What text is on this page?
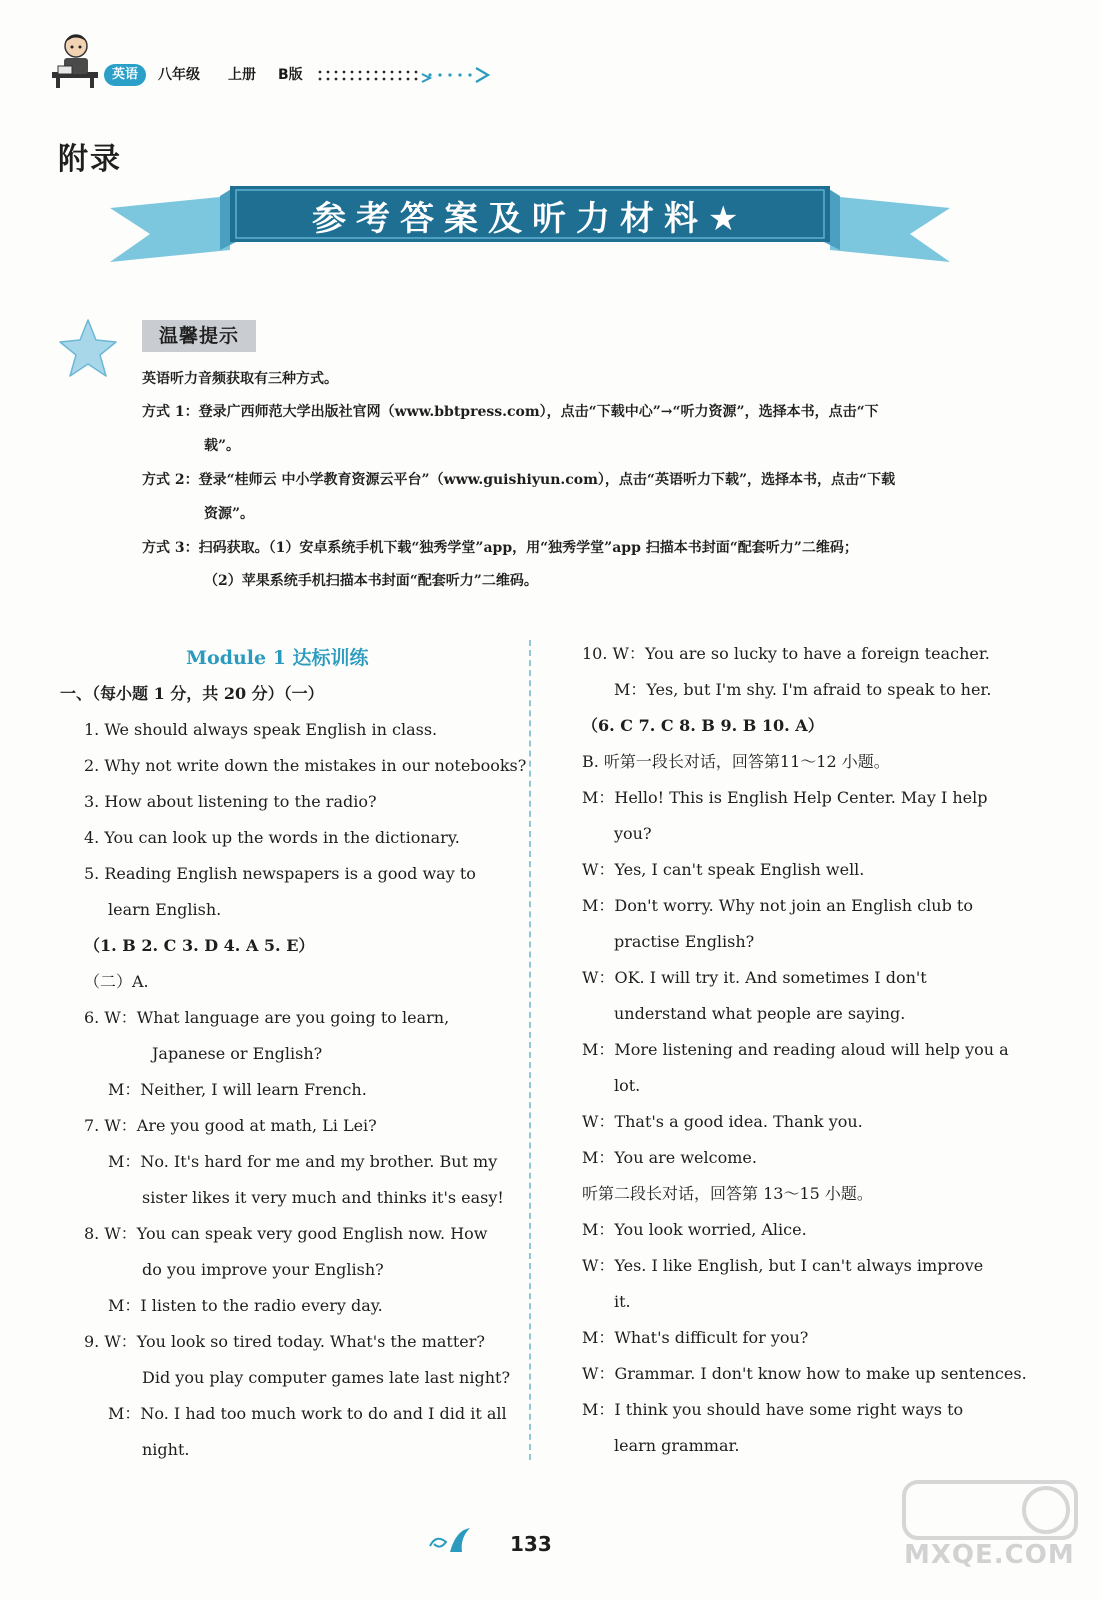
英语	八年级 上册 B版
附录
参考答案及听力材料★
温馨提示
英语听力音频获取有三种方式。
方式 1：登录广西师范大学出版社官网（www.bbtpress.com），点击“下载中心”→“听力资源”，选择本书，点击“下
载”。
方式 2：登录“桂师云 中小学教育资源云平台”（www.guishiyun.com），点击“英语听力下载”，选择本书，点击“下载
资源”。
方式 3：扫码获取。（1）安卓系统手机下载“独秀学堂”app，用“独秀学堂”app 扫描本书封面“配套听力”二维码；
（2）苹果系统手机扫描本书封面“配套听力”二维码。
Module 1 达标训练
一、（每小题 1 分，共 20 分）（一）
1. We should always speak English in class.
2. Why not write down the mistakes in our notebooks?
3. How about listening to the radio?
4. You can look up the words in the dictionary.
5. Reading English newspapers is a good way to
learn English.
（1. B 2. C 3. D 4. A 5. E）
（二）A.
6. W：What language are you going to learn,
Japanese or English?
M：Neither, I will learn French.
7. W：Are you good at math, Li Lei?
M：No. It's hard for me and my brother. But my
sister likes it very much and thinks it's easy!
8. W：You can speak very good English now. How
do you improve your English?
M：I listen to the radio every day.
9. W：You look so tired today. What's the matter?
Did you play computer games late last night?
M：No. I had too much work to do and I did it all
night.
10. W：You are so lucky to have a foreign teacher.
M：Yes, but I'm shy. I'm afraid to speak to her.
（6. C 7. C 8. B 9. B 10. A）
B. 听第一段长对话，回答第11～12 小题。
M：Hello! This is English Help Center. May I help
you?
W：Yes, I can't speak English well.
M：Don't worry. Why not join an English club to
practise English?
W：OK. I will try it. And sometimes I don't
understand what people are saying.
M：More listening and reading aloud will help you a
lot.
W：That's a good idea. Thank you.
M：You are welcome.
听第二段长对话，回答第 13～15 小题。
M：You look worried, Alice.
W：Yes. I like English, but I can't always improve
it.
M：What's difficult for you?
W：Grammar. I don't know how to make up sentences.
M：I think you should have some right ways to
learn grammar.
133	MXQE.COM
